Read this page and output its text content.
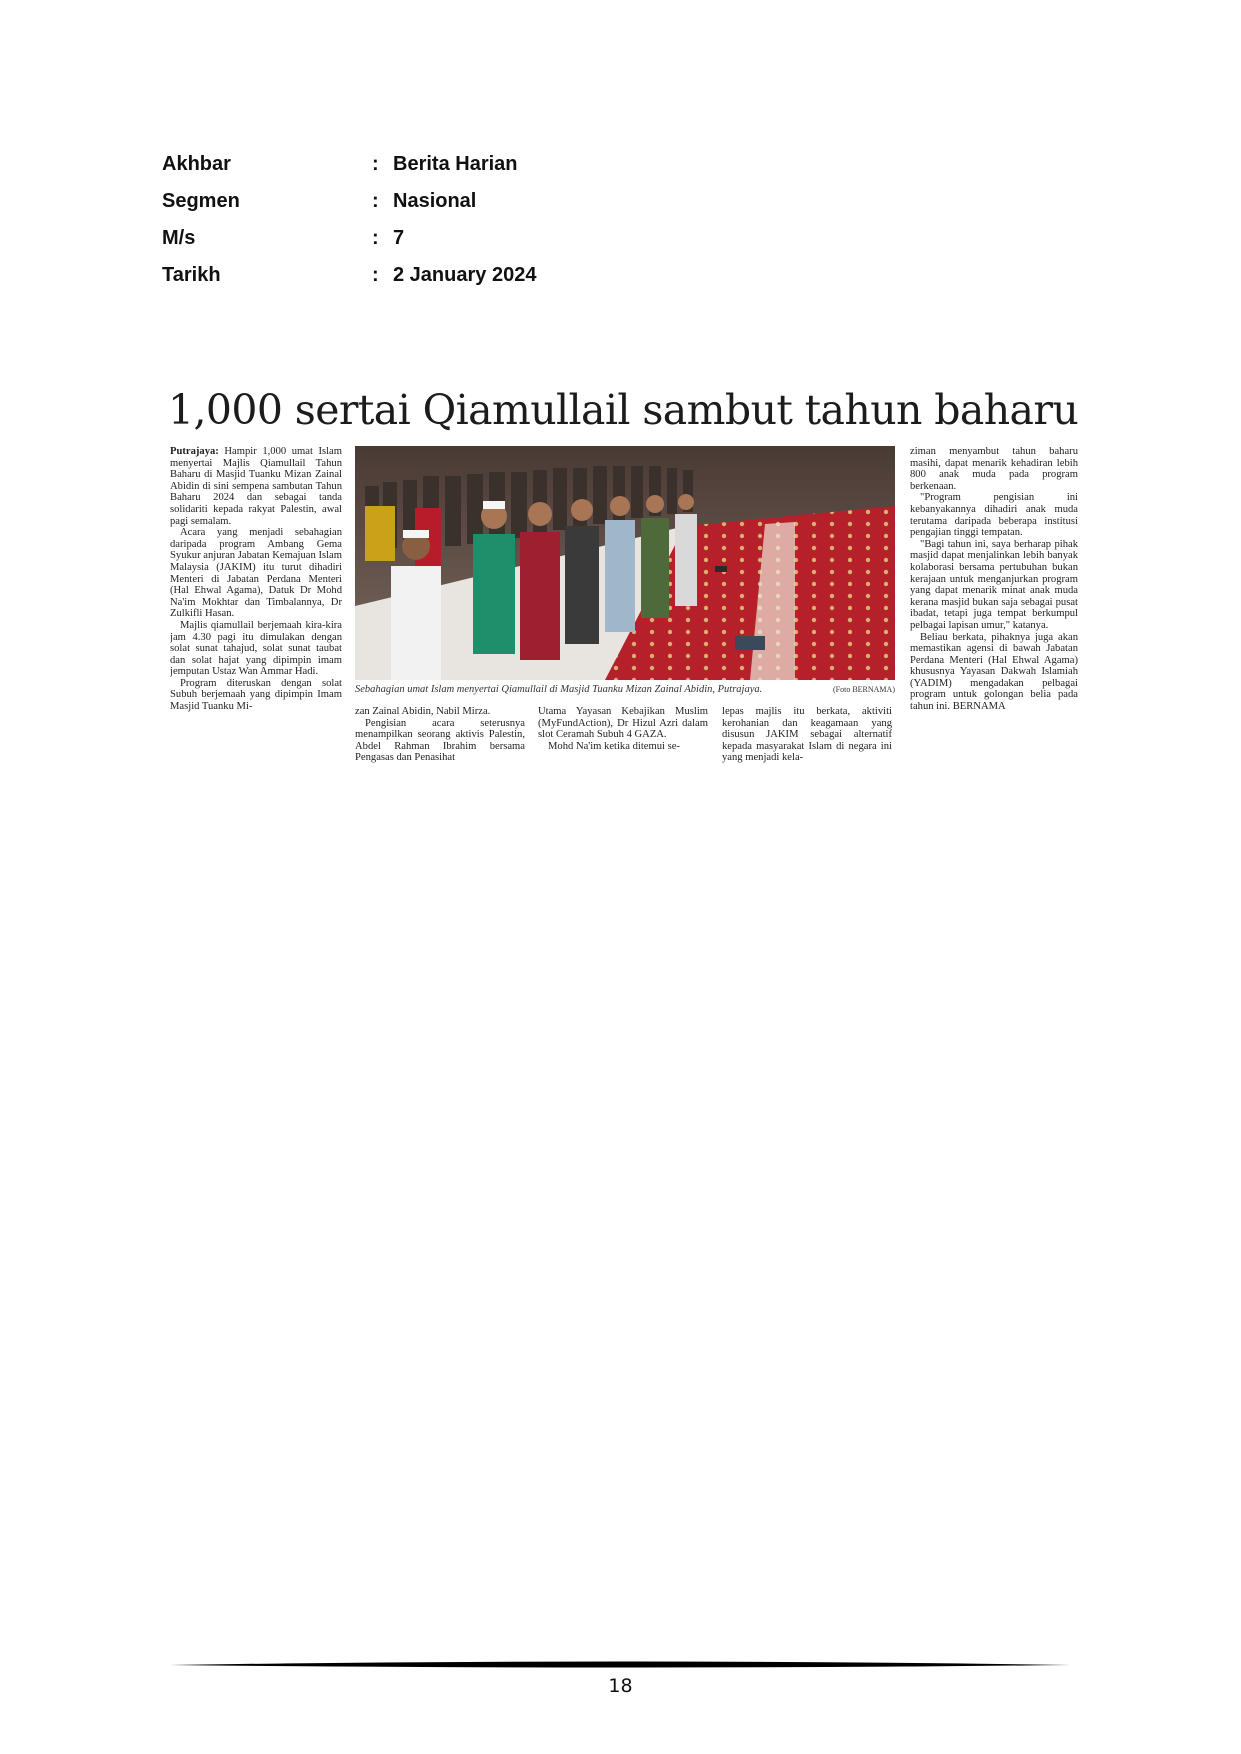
Akhbar	: Berita Harian
Segmen	: Nasional
M/s	: 7
Tarikh	: 2 January 2024
1,000 sertai Qiamullail sambut tahun baharu

Putrajaya: Hampir 1,000 umat Islam menyertai Majlis Qiamullail Tahun Baharu di Masjid Tuanku Mizan Zainal Abidin di sini sempena sambutan Tahun Baharu 2024 dan sebagai tanda solidariti kepada rakyat Palestin, awal pagi semalam.

Acara yang menjadi sebahagian daripada program Ambang Gema Syukur anjuran Jabatan Kemajuan Islam Malaysia (JAKIM) itu turut dihadiri Menteri di Jabatan Perdana Menteri (Hal Ehwal Agama), Datuk Dr Mohd Na'im Mokhtar dan Timbalannya, Dr Zulkifli Hasan.

Majlis qiamullail berjemaah kira-kira jam 4.30 pagi itu dimulakan dengan solat sunat tahajud, solat sunat taubat dan solat hajat yang dipimpin imam jemputan Ustaz Wan Ammar Hadi.

Program diteruskan dengan solat Subuh berjemaah yang dipimpin Imam Masjid Tuanku Mi-

Sebahagian umat Islam menyertai Qiamullail di Masjid Tuanku Mizan Zainal Abidin, Putrajaya.	(Foto BERNAMA)

zan Zainal Abidin, Nabil Mirza.

Pengisian acara seterusnya menampilkan seorang aktivis Palestin, Abdel Rahman Ibrahim bersama Pengasas dan Penasihat

Utama Yayasan Kebajikan Muslim (MyFundAction), Dr Hizul Azri dalam slot Ceramah Subuh 4 GAZA.

Mohd Na'im ketika ditemui se-

lepas majlis itu berkata, aktiviti kerohanian dan keagamaan yang disusun JAKIM sebagai alternatif kepada masyarakat Islam di negara ini yang menjadi kela-

ziman menyambut tahun baharu masihi, dapat menarik kehadiran lebih 800 anak muda pada program berkenaan.

"Program pengisian ini kebanyakannya dihadiri anak muda terutama daripada beberapa institusi pengajian tinggi tempatan.

"Bagi tahun ini, saya berharap pihak masjid dapat menjalinkan lebih banyak kolaborasi bersama pertubuhan bukan kerajaan untuk menganjurkan program yang dapat menarik minat anak muda kerana masjid bukan saja sebagai pusat ibadat, tetapi juga tempat berkumpul pelbagai lapisan umur," katanya.

Beliau berkata, pihaknya juga akan memastikan agensi di bawah Jabatan Perdana Menteri (Hal Ehwal Agama) khususnya Yayasan Dakwah Islamiah (YADIM) mengadakan pelbagai program untuk golongan belia pada tahun ini. BERNAMA

18
